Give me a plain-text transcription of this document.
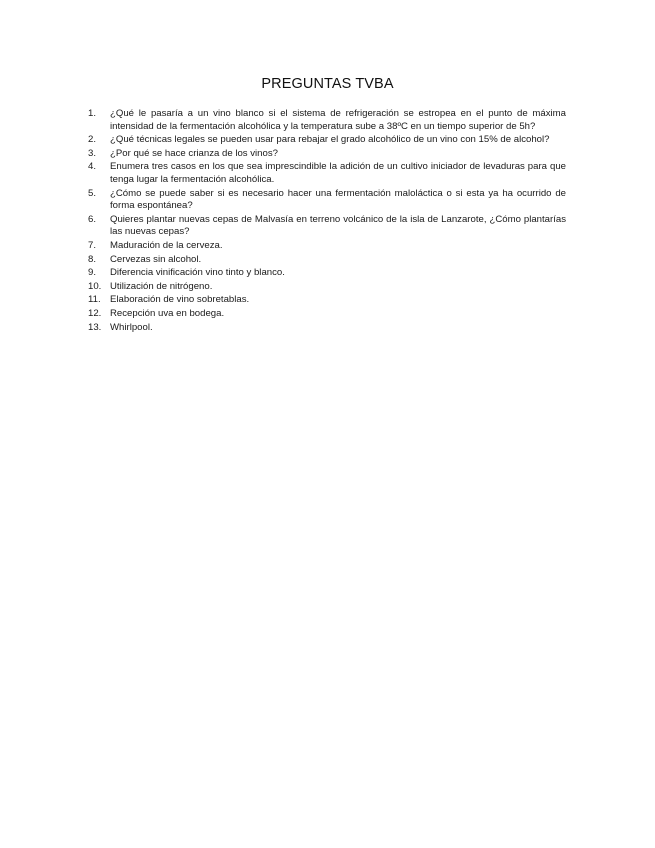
PREGUNTAS TVBA
1.	¿Qué le pasaría a un vino blanco si el sistema de refrigeración se estropea en el punto de máxima intensidad de la fermentación alcohólica y la temperatura sube a 38ºC en un tiempo superior de 5h?
2.	¿Qué técnicas legales se pueden usar para rebajar el grado alcohólico de un vino con 15% de alcohol?
3.	¿Por qué se hace crianza de los vinos?
4.	Enumera tres casos en los que sea imprescindible la adición de un cultivo iniciador de levaduras para que tenga lugar la fermentación alcohólica.
5.	¿Cómo se puede saber si es necesario hacer una fermentación maloláctica o si esta ya ha ocurrido de forma espontánea?
6.	Quieres plantar nuevas cepas de Malvasía en terreno volcánico de la isla de Lanzarote, ¿Cómo plantarías las nuevas cepas?
7.	Maduración de la cerveza.
8.	Cervezas sin alcohol.
9.	Diferencia vinificación vino tinto y blanco.
10. Utilización de nitrógeno.
11. Elaboración de vino sobretablas.
12. Recepción uva en bodega.
13. Whirlpool.
